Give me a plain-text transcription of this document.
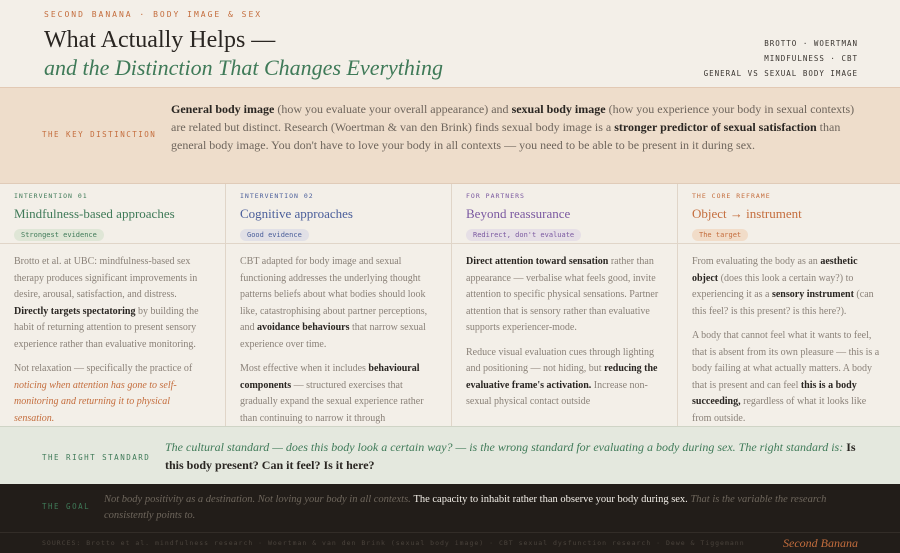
SECOND BANANA · BODY IMAGE & SEX
What Actually Helps —
and the Distinction That Changes Everything
BROTTO · WOERTMAN
MINDFULNESS · CBT
GENERAL VS SEXUAL BODY IMAGE
THE KEY DISTINCTION
General body image (how you evaluate your overall appearance) and sexual body image (how you experience your body in sexual contexts) are related but distinct. Research (Woertman & van den Brink) finds sexual body image is a stronger predictor of sexual satisfaction than general body image. You don't have to love your body in all contexts — you need to be able to be present in it during sex.
INTERVENTION 01
Mindfulness-based approaches
Strongest evidence

Brotto et al. at UBC: mindfulness-based sex therapy produces significant improvements in desire, arousal, satisfaction, and distress. Directly targets spectatoring by building the habit of returning attention to present sensory experience rather than evaluative monitoring.

Not relaxation — specifically the practice of noticing when attention has gone to self-monitoring and returning it to physical sensation.

INTERVENTION 02
Cognitive approaches
Good evidence

CBT adapted for body image and sexual functioning addresses the underlying thought patterns beliefs about what bodies should look like, catastrophising about partner perceptions, and avoidance behaviours that narrow sexual experience over time.

Most effective when it includes behavioural components — structured exercises that gradually expand the sexual experience rather than continuing to narrow it through

FOR PARTNERS
Beyond reassurance
Redirect, don't evaluate

Direct attention toward sensation rather than appearance — verbalise what feels good, invite attention to specific physical sensations. Partner attention that is sensory rather than evaluative supports experiencer-mode.

Reduce visual evaluation cues through lighting and positioning — not hiding, but reducing the evaluative frame's activation. Increase non-sexual physical contact outside

THE CORE REFRAME
Object → instrument
The target

From evaluating the body as an aesthetic object (does this look a certain way?) to experiencing it as a sensory instrument (can this feel? is this present? is this here?).

A body that cannot feel what it wants to feel, that is absent from its own pleasure — this is a body failing at what actually matters. A body that is present and can feel this is a body succeeding, regardless of what it looks like from outside.

THE RIGHT STANDARD
The cultural standard — does this body look a certain way? — is the wrong standard for evaluating a body during sex. The right standard is: Is this body present? Can it feel? Is it here?
THE GOAL
Not body positivity as a destination. Not loving your body in all contexts. The capacity to inhabit rather than observe your body during sex. That is the variable the research consistently points to.
SOURCES: Brotto et al. mindfulness research · Woertman & van den Brink (sexual body image) · CBT sexual dysfunction research · Dewe & Tiggemann	Second Banana
